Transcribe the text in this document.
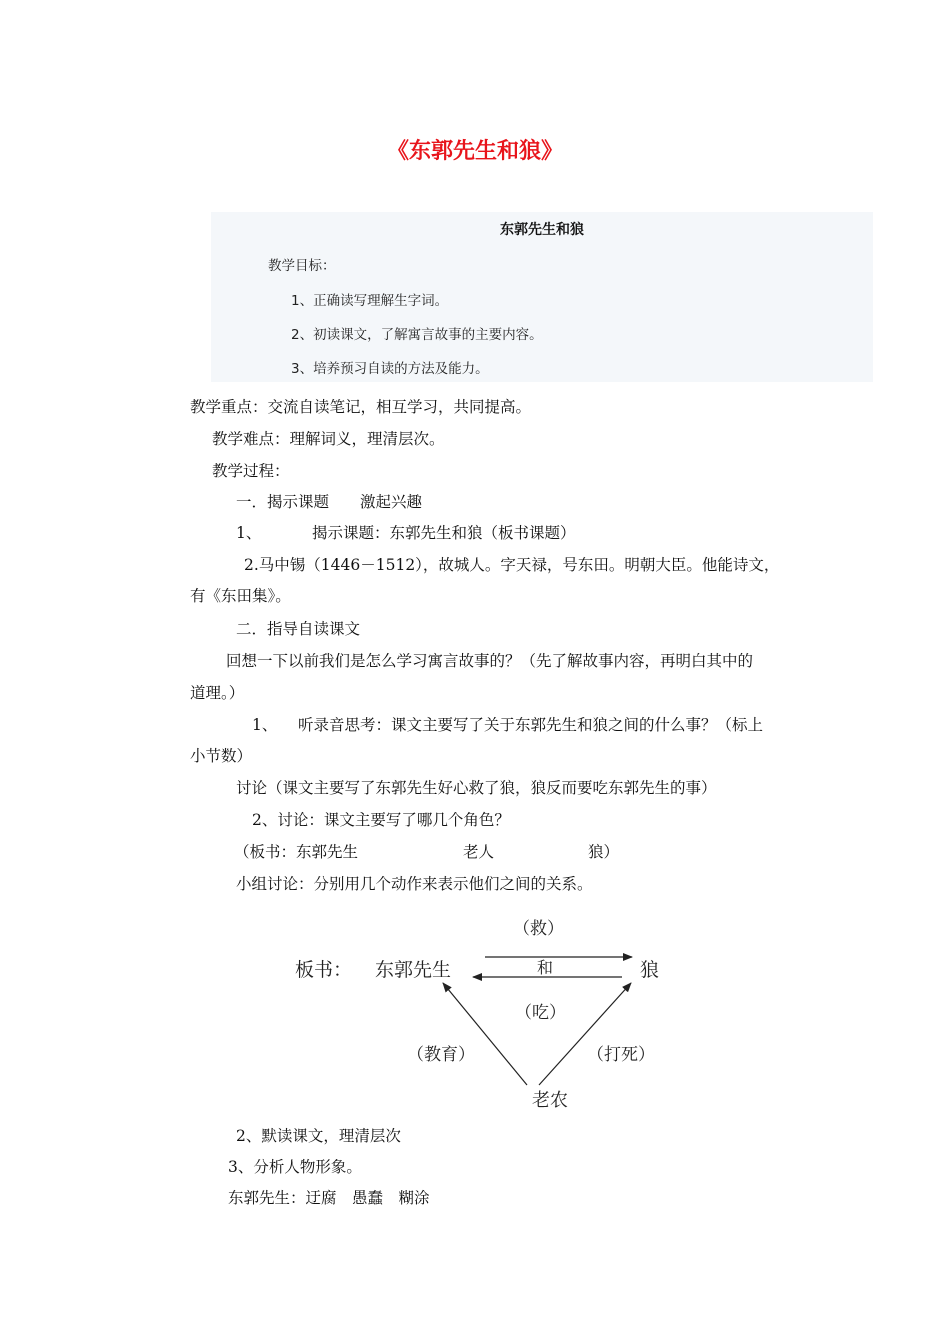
《东郭先生和狼》
东郭先生和狼
教学目标：
1、正确读写理解生字词。
2、初读课文，了解寓言故事的主要内容。
3、培养预习自读的方法及能力。
教学重点：交流自读笔记，相互学习，共同提高。
教学难点：理解词义，理清层次。
教学过程：
一．揭示课题　　激起兴趣
1、	揭示课题：东郭先生和狼（板书课题）
2.马中锡（1446－1512），故城人。字天禄，号东田。明朝大臣。他能诗文，
有《东田集》。
二．指导自读课文
回想一下以前我们是怎么学习寓言故事的？（先了解故事内容，再明白其中的
道理。）
1、 听录音思考：课文主要写了关于东郭先生和狼之间的什么事？（标上
小节数）
讨论（课文主要写了东郭先生好心救了狼，狼反而要吃东郭先生的事）
2、讨论：课文主要写了哪几个角色？
（板书：东郭先生	老人	狼）
小组讨论：分别用几个动作来表示他们之间的关系。
板书： 东郭先生	狼
（救）
和
（吃）
（教育）	（打死）
老农
2、默读课文，理清层次
3、分析人物形象。
东郭先生：迂腐　愚蠢　糊涂
